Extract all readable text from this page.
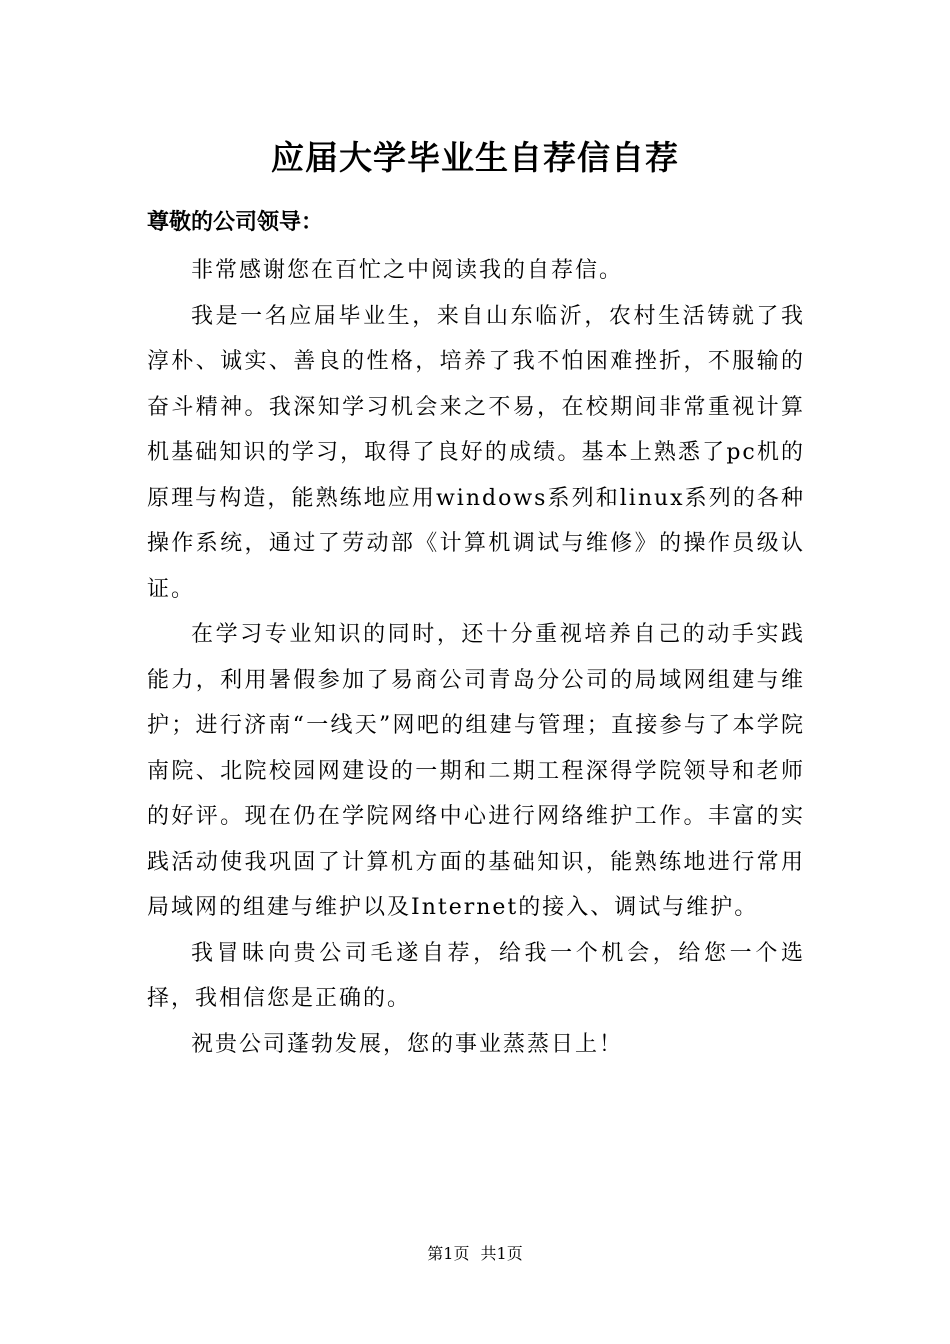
应届大学毕业生自荐信自荐

尊敬的公司领导：

非常感谢您在百忙之中阅读我的自荐信。

我是一名应届毕业生，来自山东临沂，农村生活铸就了我淳朴、诚实、善良的性格，培养了我不怕困难挫折，不服输的奋斗精神。我深知学习机会来之不易，在校期间非常重视计算机基础知识的学习，取得了良好的成绩。基本上熟悉了pc机的原理与构造，能熟练地应用windows系列和linux系列的各种操作系统，通过了劳动部《计算机调试与维修》的操作员级认证。

在学习专业知识的同时，还十分重视培养自己的动手实践能力，利用暑假参加了易商公司青岛分公司的局域网组建与维护；进行济南“一线天”网吧的组建与管理；直接参与了本学院南院、北院校园网建设的一期和二期工程深得学院领导和老师的好评。现在仍在学院网络中心进行网络维护工作。丰富的实践活动使我巩固了计算机方面的基础知识，能熟练地进行常用局域网的组建与维护以及Internet的接入、调试与维护。

我冒昧向贵公司毛遂自荐，给我一个机会，给您一个选择，我相信您是正确的。

祝贵公司蓬勃发展，您的事业蒸蒸日上！

第1页 共1页
